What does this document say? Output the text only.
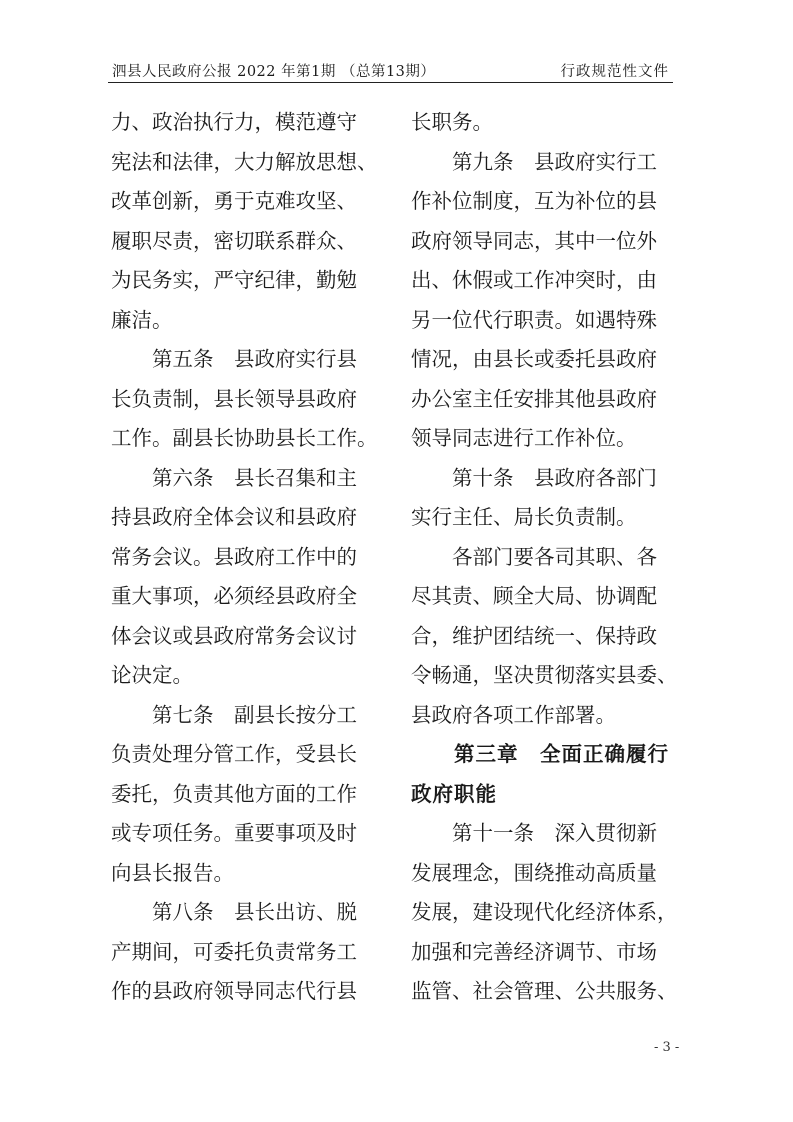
泗县人民政府公报 2022 年第1期 （总第13期）	行政规范性文件
力、政治执行力，模范遵守
宪法和法律，大力解放思想、
改革创新，勇于克难攻坚、
履职尽责，密切联系群众、
为民务实，严守纪律，勤勉
廉洁。
　　第五条　县政府实行县
长负责制，县长领导县政府
工作。副县长协助县长工作。
　　第六条　县长召集和主
持县政府全体会议和县政府
常务会议。县政府工作中的
重大事项，必须经县政府全
体会议或县政府常务会议讨
论决定。
　　第七条　副县长按分工
负责处理分管工作，受县长
委托，负责其他方面的工作
或专项任务。重要事项及时
向县长报告。
　　第八条　县长出访、脱
产期间，可委托负责常务工
作的县政府领导同志代行县
长职务。
　　第九条　县政府实行工
作补位制度，互为补位的县
政府领导同志，其中一位外
出、休假或工作冲突时，由
另一位代行职责。如遇特殊
情况，由县长或委托县政府
办公室主任安排其他县政府
领导同志进行工作补位。
　　第十条　县政府各部门
实行主任、局长负责制。
　　各部门要各司其职、各
尽其责、顾全大局、协调配
合，维护团结统一、保持政
令畅通，坚决贯彻落实县委、
县政府各项工作部署。
　　第三章　全面正确履行
政府职能
　　第十一条　深入贯彻新
发展理念，围绕推动高质量
发展，建设现代化经济体系，
加强和完善经济调节、市场
监管、社会管理、公共服务、
- 3 -
